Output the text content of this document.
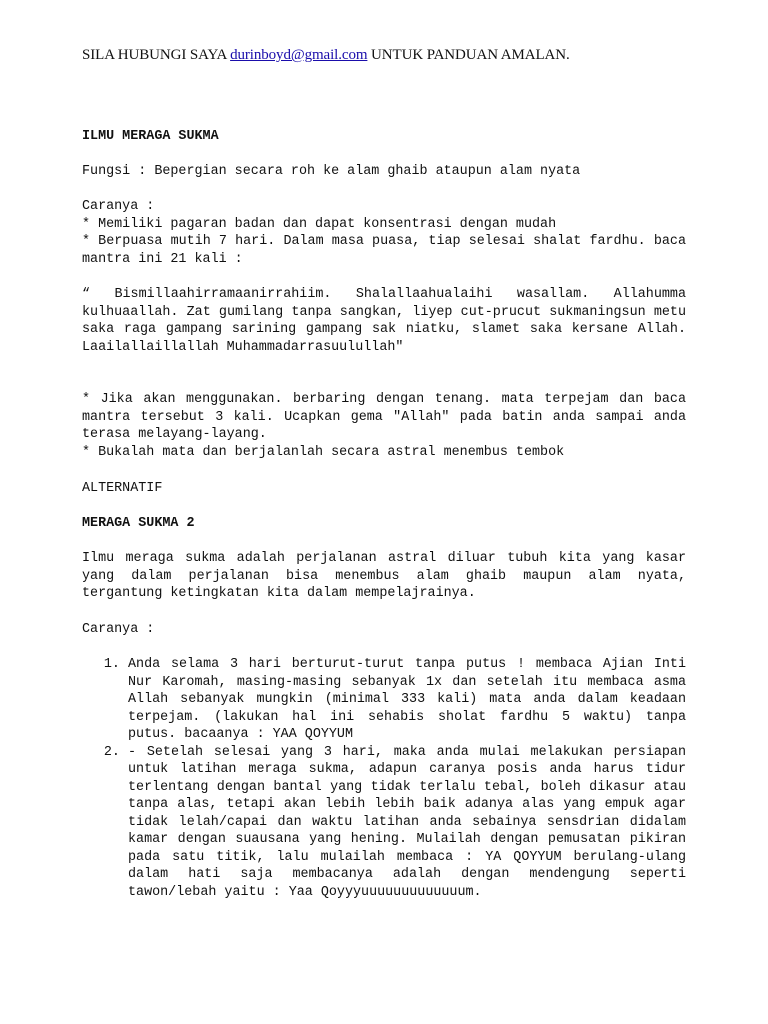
SILA HUBUNGI SAYA durinboyd@gmail.com UNTUK PANDUAN AMALAN.
ILMU MERAGA SUKMA
Fungsi : Bepergian secara roh ke alam ghaib ataupun alam nyata
Caranya :
* Memiliki pagaran badan dan dapat konsentrasi dengan mudah
* Berpuasa mutih 7 hari. Dalam masa puasa, tiap selesai shalat fardhu. baca mantra ini 21 kali :
“ Bismillaahirramaanirrahiim. Shalallaahualaihi wasallam. Allahumma kulhuaallah. Zat gumilang tanpa sangkan, liyep cut-prucut sukmaningsun metu saka raga gampang sarining gampang sak niatku, slamet saka kersane Allah. Laailallaillallah Muhammadarrasuulullah"
* Jika akan menggunakan. berbaring dengan tenang. mata terpejam dan baca mantra tersebut 3 kali. Ucapkan gema "Allah" pada batin anda sampai anda terasa melayang-layang.
* Bukalah mata dan berjalanlah secara astral menembus tembok
ALTERNATIF
MERAGA SUKMA 2
Ilmu meraga sukma adalah perjalanan astral diluar tubuh kita yang kasar yang dalam perjalanan bisa menembus alam ghaib maupun alam nyata, tergantung ketingkatan kita dalam mempelajrainya.
Caranya :
1. Anda selama 3 hari berturut-turut tanpa putus ! membaca Ajian Inti Nur Karomah, masing-masing sebanyak 1x dan setelah itu membaca asma Allah sebanyak mungkin (minimal 333 kali) mata anda dalam keadaan terpejam. (lakukan hal ini sehabis sholat fardhu 5 waktu) tanpa putus. bacaanya : YAA QOYYUM
2. - Setelah selesai yang 3 hari, maka anda mulai melakukan persiapan untuk latihan meraga sukma, adapun caranya posis anda harus tidur terlentang dengan bantal yang tidak terlalu tebal, boleh dikasur atau tanpa alas, tetapi akan lebih lebih baik adanya alas yang empuk agar tidak lelah/capai dan waktu latihan anda sebainya sensdrian didalam kamar dengan suausana yang hening. Mulailah dengan pemusatan pikiran pada satu titik, lalu mulailah membaca : YA QOYYUM berulang-ulang dalam hati saja membacanya adalah dengan mendengung seperti tawon/lebah yaitu : Yaa Qoyyyuuuuuuuuuuuuum.
